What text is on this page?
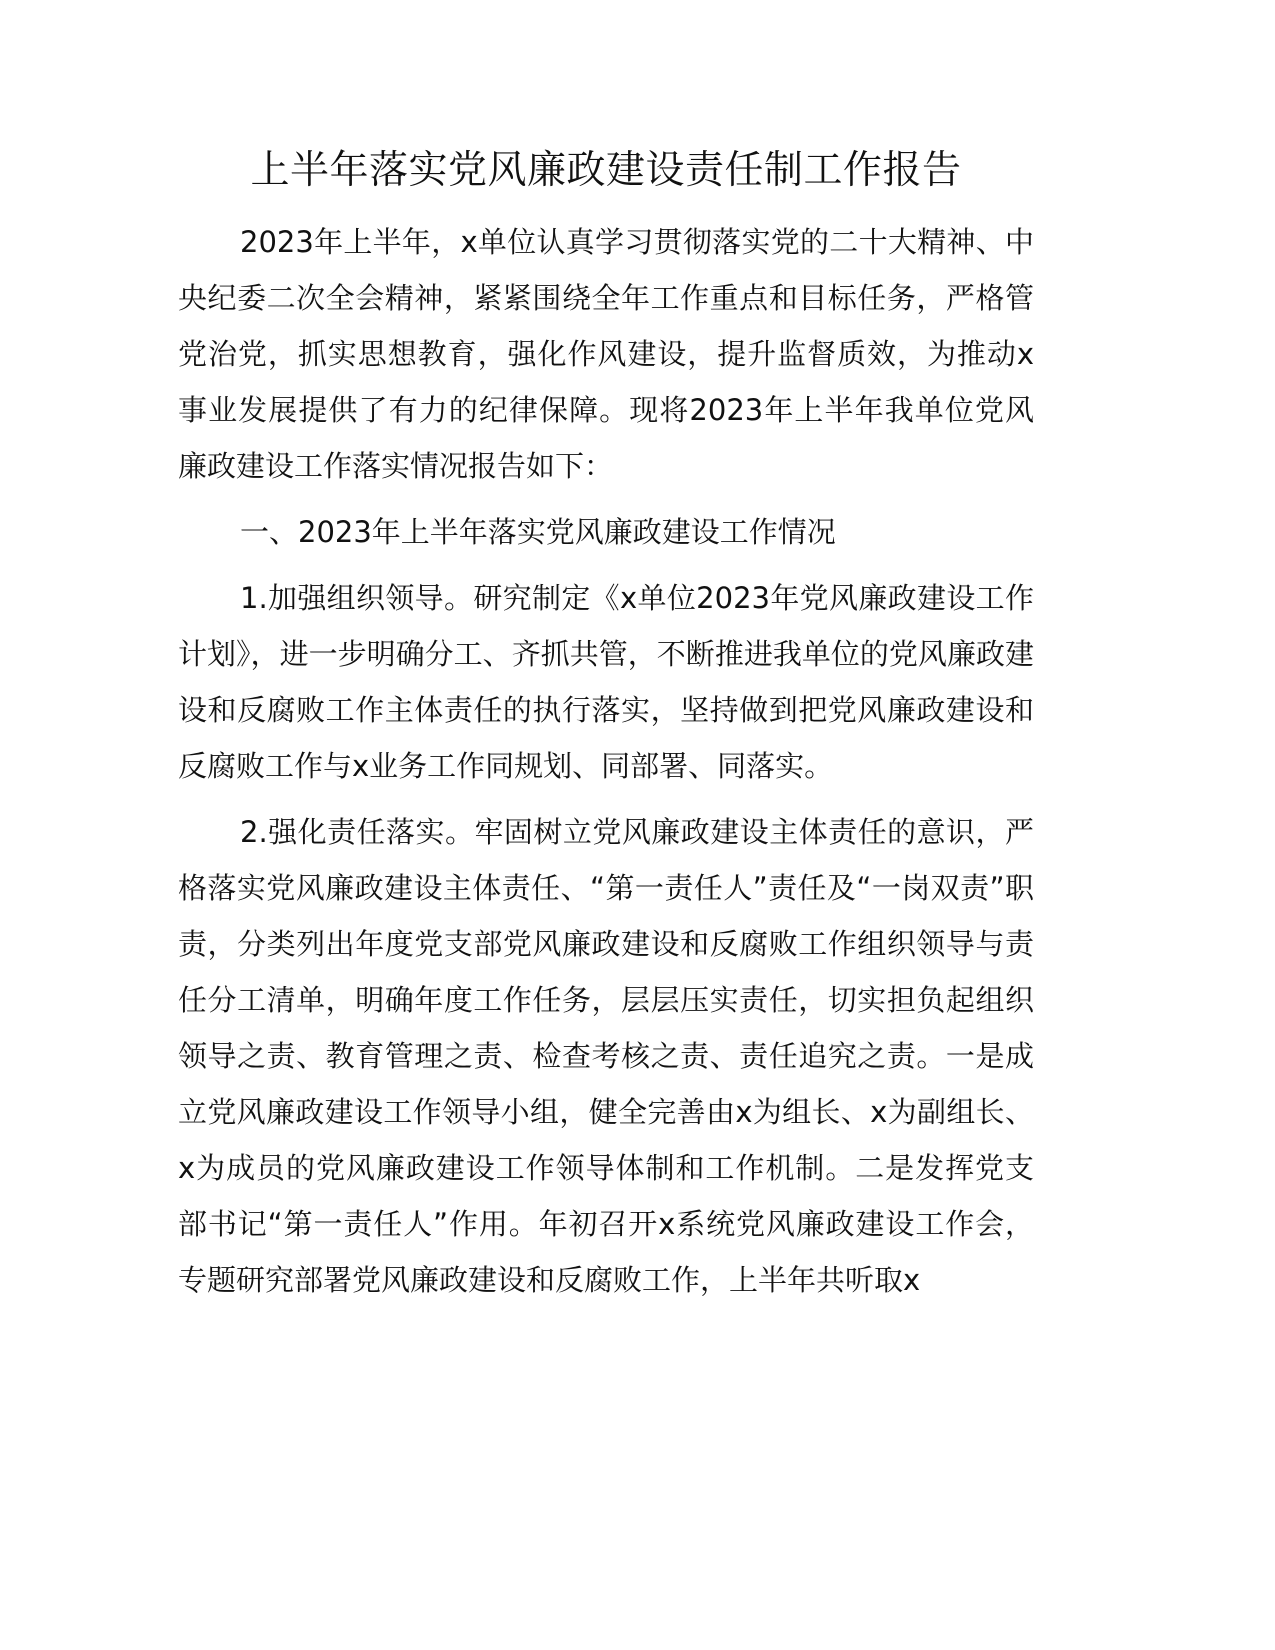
上半年落实党风廉政建设责任制工作报告

2023年上半年，x单位认真学习贯彻落实党的二十大精神、中央纪委二次全会精神，紧紧围绕全年工作重点和目标任务，严格管党治党，抓实思想教育，强化作风建设，提升监督质效，为推动x事业发展提供了有力的纪律保障。现将2023年上半年我单位党风廉政建设工作落实情况报告如下：

一、2023年上半年落实党风廉政建设工作情况

1.加强组织领导。研究制定《x单位2023年党风廉政建设工作计划》，进一步明确分工、齐抓共管，不断推进我单位的党风廉政建设和反腐败工作主体责任的执行落实，坚持做到把党风廉政建设和反腐败工作与x业务工作同规划、同部署、同落实。

2.强化责任落实。牢固树立党风廉政建设主体责任的意识，严格落实党风廉政建设主体责任、“第一责任人”责任及“一岗双责”职责，分类列出年度党支部党风廉政建设和反腐败工作组织领导与责任分工清单，明确年度工作任务，层层压实责任，切实担负起组织领导之责、教育管理之责、检查考核之责、责任追究之责。一是成立党风廉政建设工作领导小组，健全完善由x为组长、x为副组长、x为成员的党风廉政建设工作领导体制和工作机制。二是发挥党支部书记“第一责任人”作用。年初召开x系统党风廉政建设工作会，专题研究部署党风廉政建设和反腐败工作，上半年共听取x
